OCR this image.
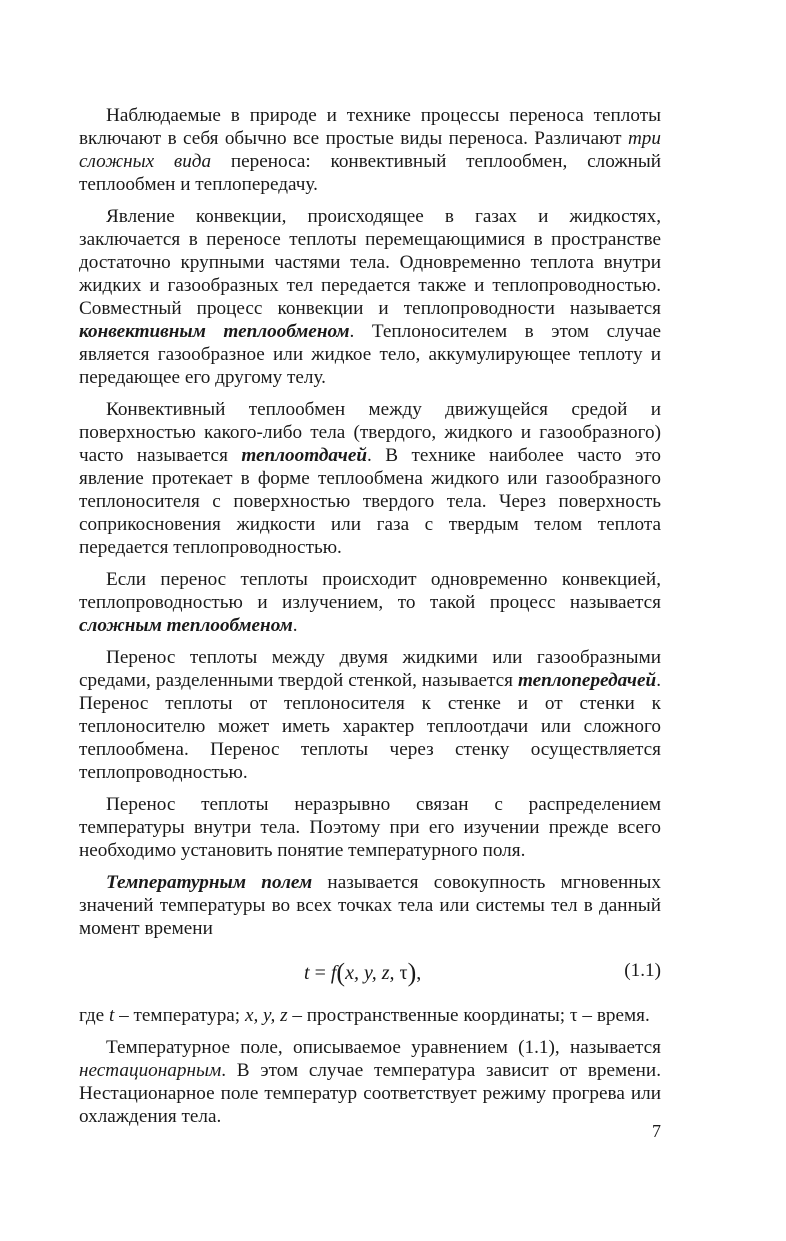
Наблюдаемые в природе и технике процессы переноса теплоты включают в себя обычно все простые виды переноса. Различают три сложных вида переноса: конвективный теплообмен, сложный теплообмен и теплопередачу.

Явление конвекции, происходящее в газах и жидкостях, заключается в переносе теплоты перемещающимися в пространстве достаточно крупными частями тела. Одновременно теплота внутри жидких и газообразных тел передается также и теплопроводностью. Совместный процесс конвекции и теплопроводности называется конвективным теплообменом. Теплоносителем в этом случае является газообразное или жидкое тело, аккумулирующее теплоту и передающее его другому телу.

Конвективный теплообмен между движущейся средой и поверхностью какого-либо тела (твердого, жидкого и газообразного) часто называется теплоотдачей. В технике наиболее часто это явление протекает в форме теплообмена жидкого или газообразного теплоносителя с поверхностью твердого тела. Через поверхность соприкосновения жидкости или газа с твердым телом теплота передается теплопроводностью.

Если перенос теплоты происходит одновременно конвекцией, теплопроводностью и излучением, то такой процесс называется сложным теплообменом.

Перенос теплоты между двумя жидкими или газообразными средами, разделенными твердой стенкой, называется теплопередачей. Перенос теплоты от теплоносителя к стенке и от стенки к теплоносителю может иметь характер теплоотдачи или сложного теплообмена. Перенос теплоты через стенку осуществляется теплопроводностью.

Перенос теплоты неразрывно связан с распределением температуры внутри тела. Поэтому при его изучении прежде всего необходимо установить понятие температурного поля.

Температурным полем называется совокупность мгновенных значений температуры во всех точках тела или системы тел в данный момент времени

t = f(x, y, z, τ),	(1.1)

где t – температура; x, y, z – пространственные координаты; τ – время.

Температурное поле, описываемое уравнением (1.1), называется нестационарным. В этом случае температура зависит от времени. Нестационарное поле температур соответствует режиму прогрева или охлаждения тела.

7
